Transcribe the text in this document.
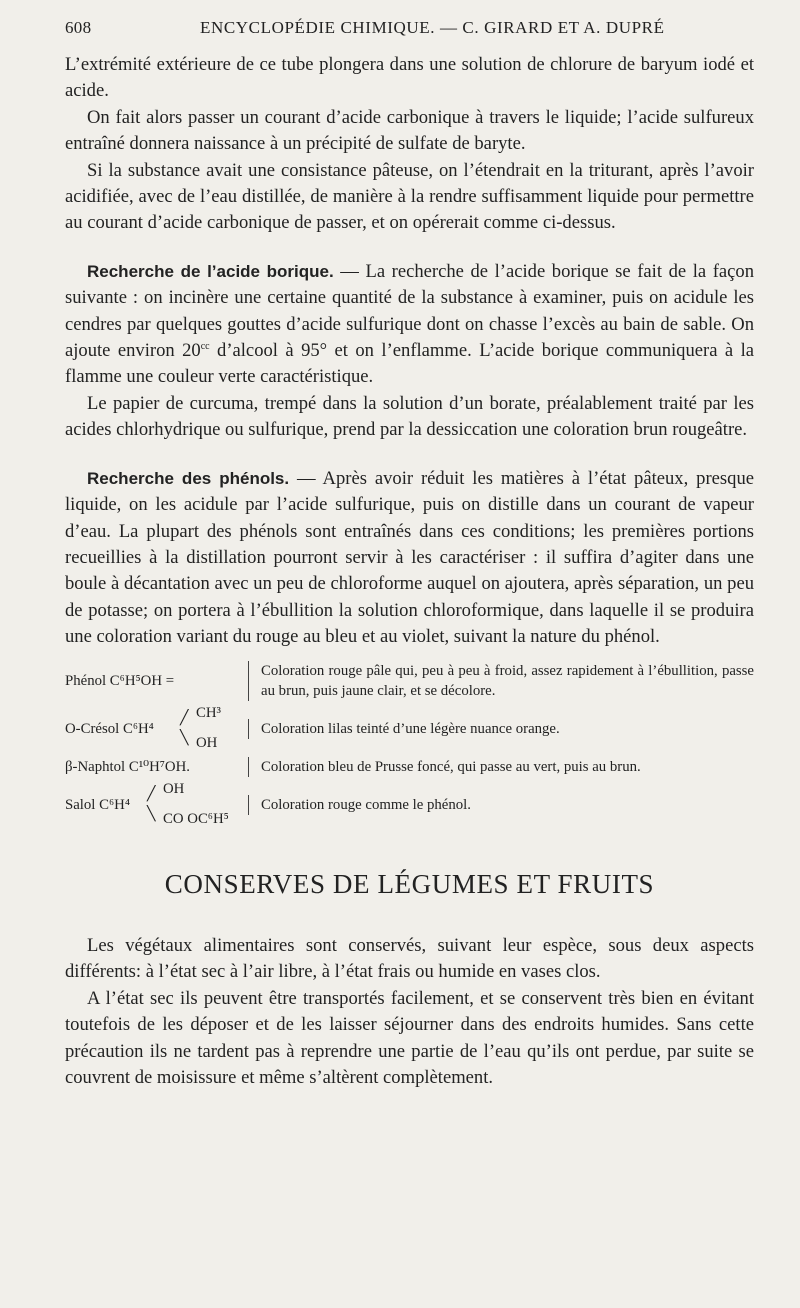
608	ENCYCLOPÉDIE CHIMIQUE. — C. GIRARD ET A. DUPRÉ

L’extrémité extérieure de ce tube plongera dans une solution de chlorure de baryum iodé et acide.

On fait alors passer un courant d’acide carbonique à travers le liquide; l’acide sulfureux entraîné donnera naissance à un précipité de sulfate de baryte.

Si la substance avait une consistance pâteuse, on l’étendrait en la triturant, après l’avoir acidifiée, avec de l’eau distillée, de manière à la rendre suffisamment liquide pour permettre au courant d’acide carbonique de passer, et on opérerait comme ci-dessus.

Recherche de l’acide borique. — La recherche de l’acide borique se fait de la façon suivante : on incinère une certaine quantité de la substance à examiner, puis on acidule les cendres par quelques gouttes d’acide sulfurique dont on chasse l’excès au bain de sable. On ajoute environ $20^{cc}$ d’alcool à 95° et on l’enflamme. L’acide borique communiquera à la flamme une couleur verte caractéristique.

Le papier de curcuma, trempé dans la solution d’un borate, préalablement traité par les acides chlorhydrique ou sulfurique, prend par la dessiccation une coloration brun rougeâtre.

Recherche des phénols. — Après avoir réduit les matières à l’état pâteux, presque liquide, on les acidule par l’acide sulfurique, puis on distille dans un courant de vapeur d’eau. La plupart des phénols sont entraînés dans ces conditions; les premières portions recueillies à la distillation pourront servir à les caractériser : il suffira d’agiter dans une boule à décantation avec un peu de chloroforme auquel on ajoutera, après séparation, un peu de potasse; on portera à l’ébullition la solution chloroformique, dans laquelle il se produira une coloration variant du rouge au bleu et au violet, suivant la nature du phénol.

Phénol C⁶H⁵OH =
Coloration rouge pâle qui, peu à peu à froid, assez rapidement à l’ébullition, passe au brun, puis jaune clair, et se décolore.
O-Crésol C⁶H⁴
╱ CH³
╲ OH
Coloration lilas teinté d’une légère nuance orange.
β-Naphtol C¹⁰H⁷OH.	Coloration bleu de Prusse foncé, qui passe au vert, puis au brun.
Salol C⁶H⁴
╱ OH
╲ CO OC⁶H⁵
Coloration rouge comme le phénol.

CONSERVES DE LÉGUMES ET FRUITS

Les végétaux alimentaires sont conservés, suivant leur espèce, sous deux aspects différents: à l’état sec à l’air libre, à l’état frais ou humide en vases clos.

A l’état sec ils peuvent être transportés facilement, et se conservent très bien en évitant toutefois de les déposer et de les laisser séjourner dans des endroits humides. Sans cette précaution ils ne tardent pas à reprendre une partie de l’eau qu’ils ont perdue, par suite se couvrent de moisissure et même s’altèrent complètement.
